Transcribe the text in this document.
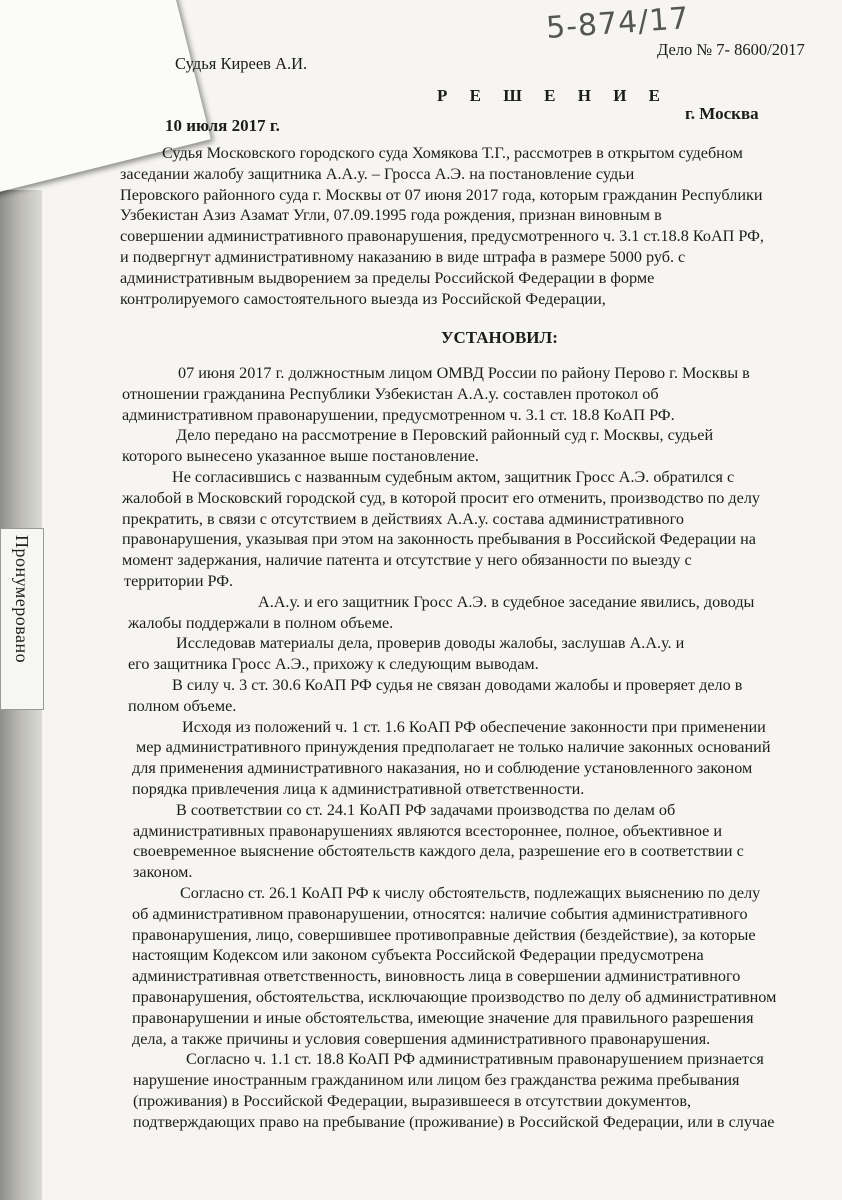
Пронумеровано
5-874/17
Дело № 7- 8600/2017
Судья Киреев А.И.
Р Е Ш Е Н И Е
10 июля 2017 г.
г. Москва
Судья Московского городского суда Хомякова Т.Г., рассмотрев в открытом судебном
заседании жалобу защитника А.А.у. – Гросса А.Э. на постановление судьи
Перовского районного суда г. Москвы от 07 июня 2017 года, которым гражданин Республики
Узбекистан Азиз Азамат Угли, 07.09.1995 года рождения, признан виновным в
совершении административного правонарушения, предусмотренного ч. 3.1 ст.18.8 КоАП РФ,
и подвергнут административному наказанию в виде штрафа в размере 5000 руб. с
административным выдворением за пределы Российской Федерации в форме
контролируемого самостоятельного выезда из Российской Федерации,
УСТАНОВИЛ:
07 июня 2017 г. должностным лицом ОМВД России по району Перово г. Москвы в
отношении гражданина Республики Узбекистан А.А.у. составлен протокол об
административном правонарушении, предусмотренном ч. 3.1 ст. 18.8 КоАП РФ.
Дело передано на рассмотрение в Перовский районный суд г. Москвы, судьей
которого вынесено указанное выше постановление.
Не согласившись с названным судебным актом, защитник Гросс А.Э. обратился с
жалобой в Московский городской суд, в которой просит его отменить, производство по делу
прекратить, в связи с отсутствием в действиях А.А.у. состава административного
правонарушения, указывая при этом на законность пребывания в Российской Федерации на
момент задержания, наличие патента и отсутствие у него обязанности по выезду с
территории РФ.
А.А.у. и его защитник Гросс А.Э. в судебное заседание явились, доводы
жалобы поддержали в полном объеме.
Исследовав материалы дела, проверив доводы жалобы, заслушав А.А.у. и
его защитника Гросс А.Э., прихожу к следующим выводам.
В силу ч. 3 ст. 30.6 КоАП РФ судья не связан доводами жалобы и проверяет дело в
полном объеме.
Исходя из положений ч. 1 ст. 1.6 КоАП РФ обеспечение законности при применении
мер административного принуждения предполагает не только наличие законных оснований
для применения административного наказания, но и соблюдение установленного законом
порядка привлечения лица к административной ответственности.
В соответствии со ст. 24.1 КоАП РФ задачами производства по делам об
административных правонарушениях являются всестороннее, полное, объективное и
своевременное выяснение обстоятельств каждого дела, разрешение его в соответствии с
законом.
Согласно ст. 26.1 КоАП РФ к числу обстоятельств, подлежащих выяснению по делу
об административном правонарушении, относятся: наличие события административного
правонарушения, лицо, совершившее противоправные действия (бездействие), за которые
настоящим Кодексом или законом субъекта Российской Федерации предусмотрена
административная ответственность, виновность лица в совершении административного
правонарушения, обстоятельства, исключающие производство по делу об административном
правонарушении и иные обстоятельства, имеющие значение для правильного разрешения
дела, а также причины и условия совершения административного правонарушения.
Согласно ч. 1.1 ст. 18.8 КоАП РФ административным правонарушением признается
нарушение иностранным гражданином или лицом без гражданства режима пребывания
(проживания) в Российской Федерации, выразившееся в отсутствии документов,
подтверждающих право на пребывание (проживание) в Российской Федерации, или в случае
